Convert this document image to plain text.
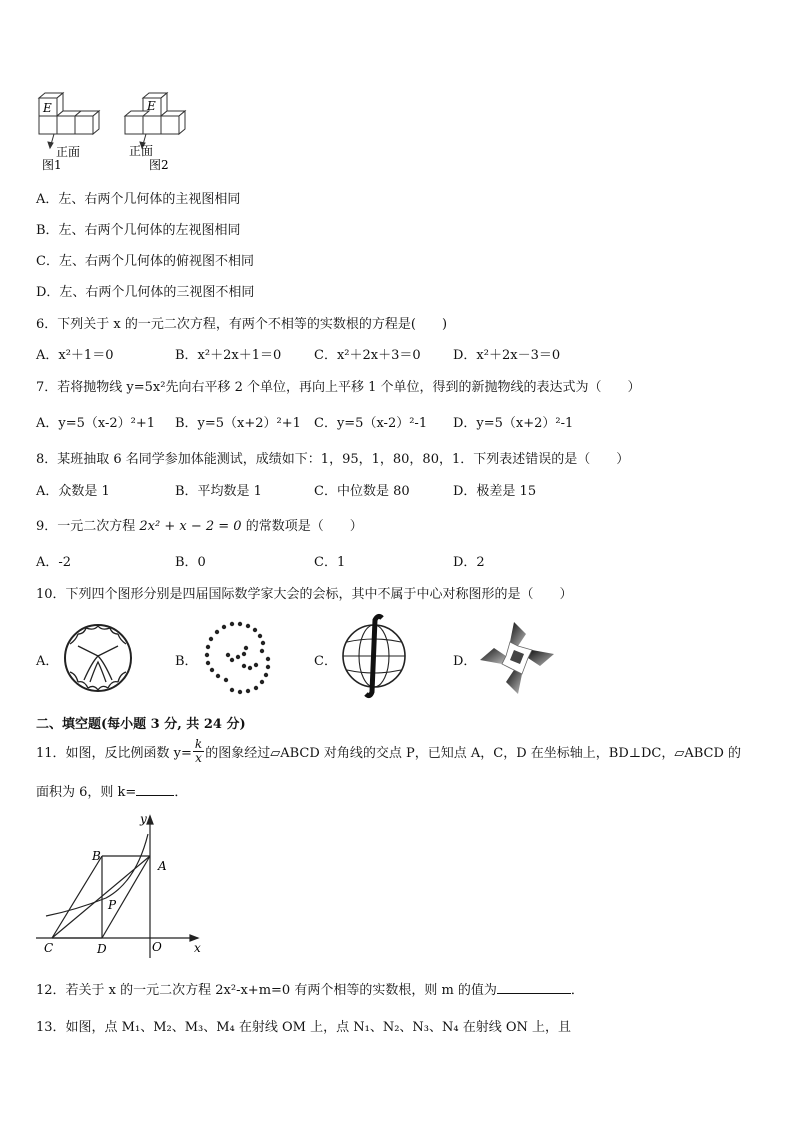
E	E
正面	正面
图1	图2
A．左、右两个几何体的主视图相同
B．左、右两个几何体的左视图相同
C．左、右两个几何体的俯视图不相同
D．左、右两个几何体的三视图不相同
6．下列关于 x 的一元二次方程，有两个不相等的实数根的方程是(　　)
A．x²＋1＝0	B．x²＋2x＋1＝0	C．x²＋2x＋3＝0 D．x²＋2x－3＝0
7．若将抛物线 y=5x²先向右平移 2 个单位，再向上平移 1 个单位，得到的新抛物线的表达式为（　　）
A．y=5（x-2）²+1 B．y=5（x+2）²+1 C．y=5（x-2）²-1 D．y=5（x+2）²-1
8．某班抽取 6 名同学参加体能测试，成绩如下：1，95，1，80，80，1．下列表述错误的是（　　）
A．众数是 1	B．平均数是 1	C．中位数是 80	D．极差是 15
9．一元二次方程 2x² + x − 2 = 0 的常数项是（　　）
A．-2	B．0	C．1	D．2
10．下列四个图形分别是四届国际数学家大会的会标，其中不属于中心对称图形的是（　　）
A．	B．	C．	D．
二、填空题(每小题 3 分, 共 24 分)
11．如图，反比例函数 $y= \frac{k}{x}$ 的图象经过▱ABCD 对角线的交点 P，已知点 A，C，D 在坐标轴上，BD⊥DC，▱ABCD 的
面积为 6，则 k=	．
y
x
A
B
C	D	O
P
12．若关于 x 的一元二次方程 2x²-x+m=0 有两个相等的实数根，则 m 的值为	．
13．如图，点 M₁、M₂、M₃、M₄ 在射线 OM 上，点 N₁、N₂、N₃、N₄ 在射线 ON 上，且
